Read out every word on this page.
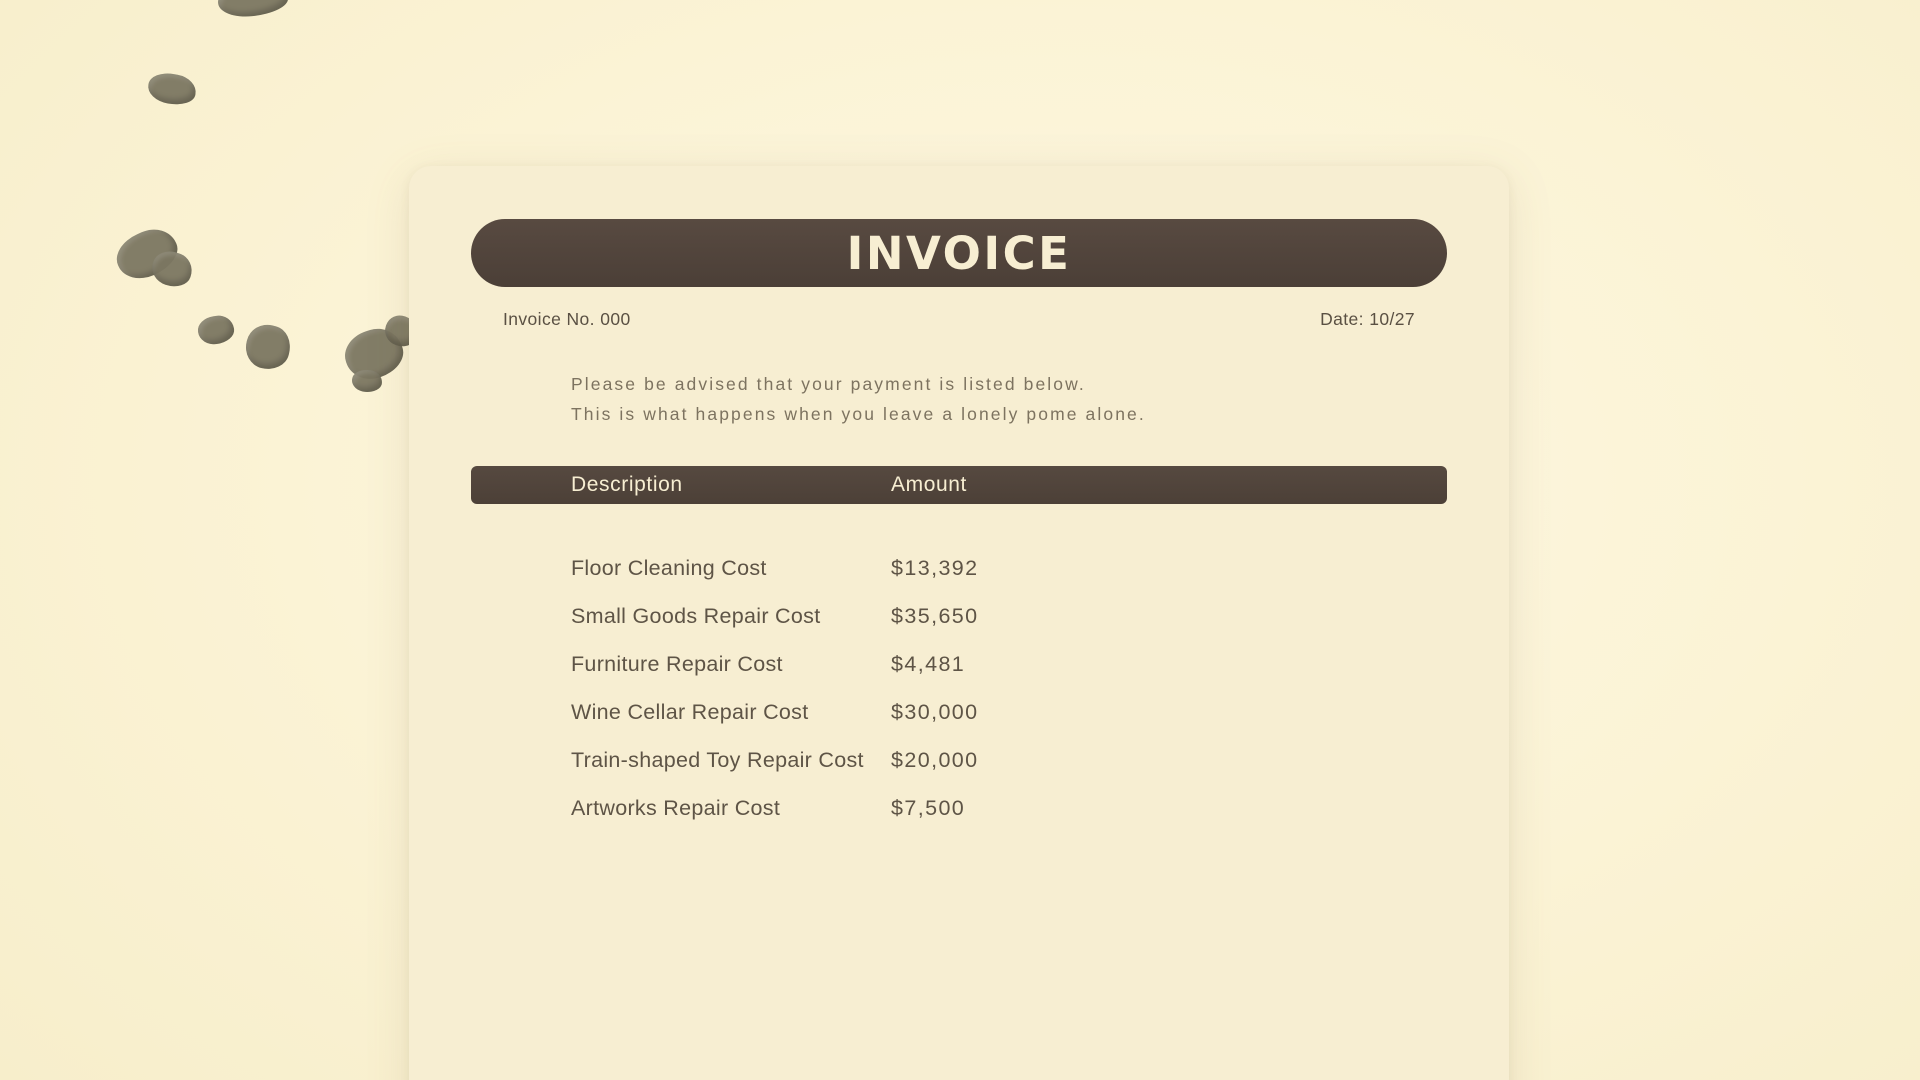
INVOICE
Invoice No. 000	Date: 10/27
Please be advised that your payment is listed below.
This is what happens when you leave a lonely pome alone.
Description	Amount
Floor Cleaning Cost	$13,392
Small Goods Repair Cost	$35,650
Furniture Repair Cost	$4,481
Wine Cellar Repair Cost	$30,000
Train-shaped Toy Repair Cost	$20,000
Artworks Repair Cost	$7,500
